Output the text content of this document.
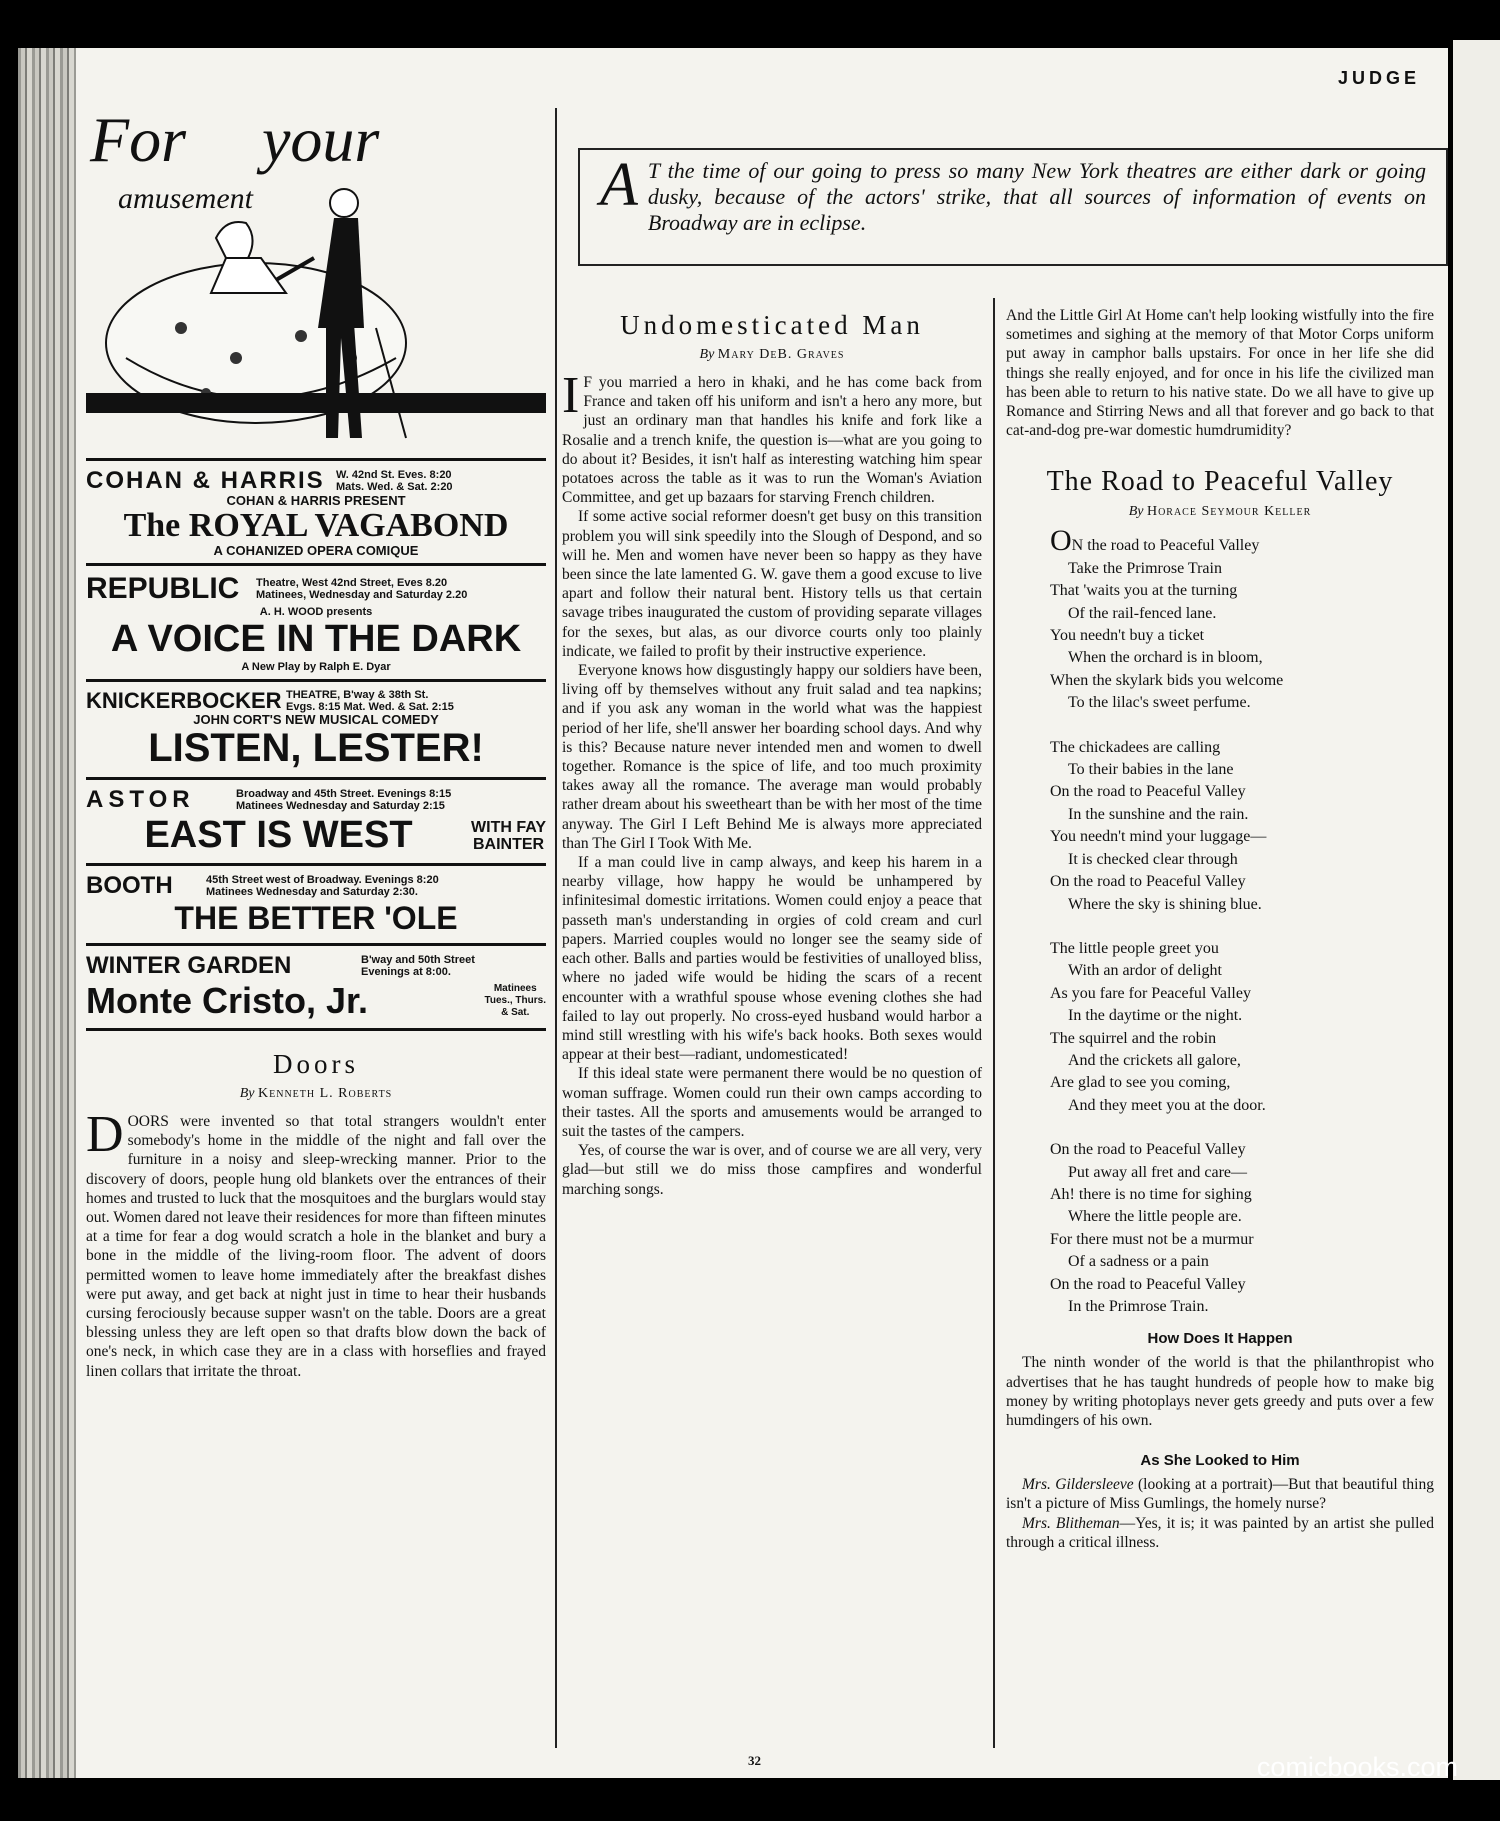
JUDGE
For your
amusement
COHAN & HARRIS	W. 42nd St. Eves. 8:20
Mats. Wed. & Sat. 2:20
COHAN & HARRIS PRESENT
The ROYAL VAGABOND
A COHANIZED OPERA COMIQUE
REPUBLIC	Theatre, West 42nd Street, Eves 8.20
Matinees, Wednesday and Saturday 2.20
A. H. WOOD presents
A VOICE IN THE DARK
A New Play by Ralph E. Dyar
KNICKERBOCKER THEATRE, B'way & 38th St.
Evgs. 8:15 Mat. Wed. & Sat. 2:15
JOHN CORT'S NEW MUSICAL COMEDY
LISTEN, LESTER!
ASTOR	Broadway and 45th Street. Evenings 8:15
Matinees Wednesday and Saturday 2:15
EAST IS WEST	WITH FAY
BAINTER
BOOTH	45th Street west of Broadway. Evenings 8:20
Matinees Wednesday and Saturday 2:30.
THE BETTER 'OLE
WINTER GARDEN	B'way and 50th Street
Evenings at 8:00.
Monte Cristo, Jr.	Matinees
Tues., Thurs.
& Sat.
Doors
By Kenneth L. Roberts
D OORS were invented so that total strangers wouldn't enter somebody's home in the middle of the night and fall over the furniture in a noisy and sleep-wrecking manner. Prior to the discovery of doors, people hung old blankets over the entrances of their homes and trusted to luck that the mosquitoes and the burglars would stay out. Women dared not leave their residences for more than fifteen minutes at a time for fear a dog would scratch a hole in the blanket and bury a bone in the middle of the living-room floor. The advent of doors permitted women to leave home immediately after the breakfast dishes were put away, and get back at night just in time to hear their husbands cursing ferociously because supper wasn't on the table. Doors are a great blessing unless they are left open so that drafts blow down the back of one's neck, in which case they are in a class with horseflies and frayed linen collars that irritate the throat.
A T the time of our going to press so many New York theatres are either dark or going dusky, because of the actors' strike, that all sources of information of events on Broadway are in eclipse.
Undomesticated Man
By Mary DeB. Graves

I F you married a hero in khaki, and he has come back from France and taken off his uniform and isn't a hero any more, but just an ordinary man that handles his knife and fork like a Rosalie and a trench knife, the question is—what are you going to do about it? Besides, it isn't half as interesting watching him spear potatoes across the table as it was to run the Woman's Aviation Committee, and get up bazaars for starving French children.

If some active social reformer doesn't get busy on this transition problem you will sink speedily into the Slough of Despond, and so will he. Men and women have never been so happy as they have been since the late lamented G. W. gave them a good excuse to live apart and follow their natural bent. History tells us that certain savage tribes inaugurated the custom of providing separate villages for the sexes, but alas, as our divorce courts only too plainly indicate, we failed to profit by their instructive experience.

Everyone knows how disgustingly happy our soldiers have been, living off by themselves without any fruit salad and tea napkins; and if you ask any woman in the world what was the happiest period of her life, she'll answer her boarding school days. And why is this? Because nature never intended men and women to dwell together. Romance is the spice of life, and too much proximity takes away all the romance. The average man would probably rather dream about his sweetheart than be with her most of the time anyway. The Girl I Left Behind Me is always more appreciated than The Girl I Took With Me.

If a man could live in camp always, and keep his harem in a nearby village, how happy he would be unhampered by infinitesimal domestic irritations. Women could enjoy a peace that passeth man's understanding in orgies of cold cream and curl papers. Married couples would no longer see the seamy side of each other. Balls and parties would be festivities of unalloyed bliss, where no jaded wife would be hiding the scars of a recent encounter with a wrathful spouse whose evening clothes she had failed to lay out properly. No cross-eyed husband would harbor a mind still wrestling with his wife's back hooks. Both sexes would appear at their best—radiant, undomesticated!

If this ideal state were permanent there would be no question of woman suffrage. Women could run their own camps according to their tastes. All the sports and amusements would be arranged to suit the tastes of the campers.

Yes, of course the war is over, and of course we are all very, very glad—but still we do miss those campfires and wonderful marching songs.

And the Little Girl At Home can't help looking wistfully into the fire sometimes and sighing at the memory of that Motor Corps uniform put away in camphor balls upstairs. For once in her life she did things she really enjoyed, and for once in his life the civilized man has been able to return to his native state. Do we all have to give up Romance and Stirring News and all that forever and go back to that cat-and-dog pre-war domestic humdrumidity?

The Road to Peaceful Valley
By Horace Seymour Keller
ON the road to Peaceful Valley
Take the Primrose Train
That 'waits you at the turning
Of the rail-fenced lane.
You needn't buy a ticket
When the orchard is in bloom,
When the skylark bids you welcome
To the lilac's sweet perfume.
The chickadees are calling
To their babies in the lane
On the road to Peaceful Valley
In the sunshine and the rain.
You needn't mind your luggage—
It is checked clear through
On the road to Peaceful Valley
Where the sky is shining blue.
The little people greet you
With an ardor of delight
As you fare for Peaceful Valley
In the daytime or the night.
The squirrel and the robin
And the crickets all galore,
Are glad to see you coming,
And they meet you at the door.
On the road to Peaceful Valley
Put away all fret and care—
Ah! there is no time for sighing
Where the little people are.
For there must not be a murmur
Of a sadness or a pain
On the road to Peaceful Valley
In the Primrose Train.
How Does It Happen

The ninth wonder of the world is that the philanthropist who advertises that he has taught hundreds of people how to make big money by writing photoplays never gets greedy and puts over a few humdingers of his own.

As She Looked to Him

Mrs. Gildersleeve (looking at a portrait)—But that beautiful thing isn't a picture of Miss Gumlings, the homely nurse?

Mrs. Blitheman—Yes, it is; it was painted by an artist she pulled through a critical illness.

32	comicbooks.com
